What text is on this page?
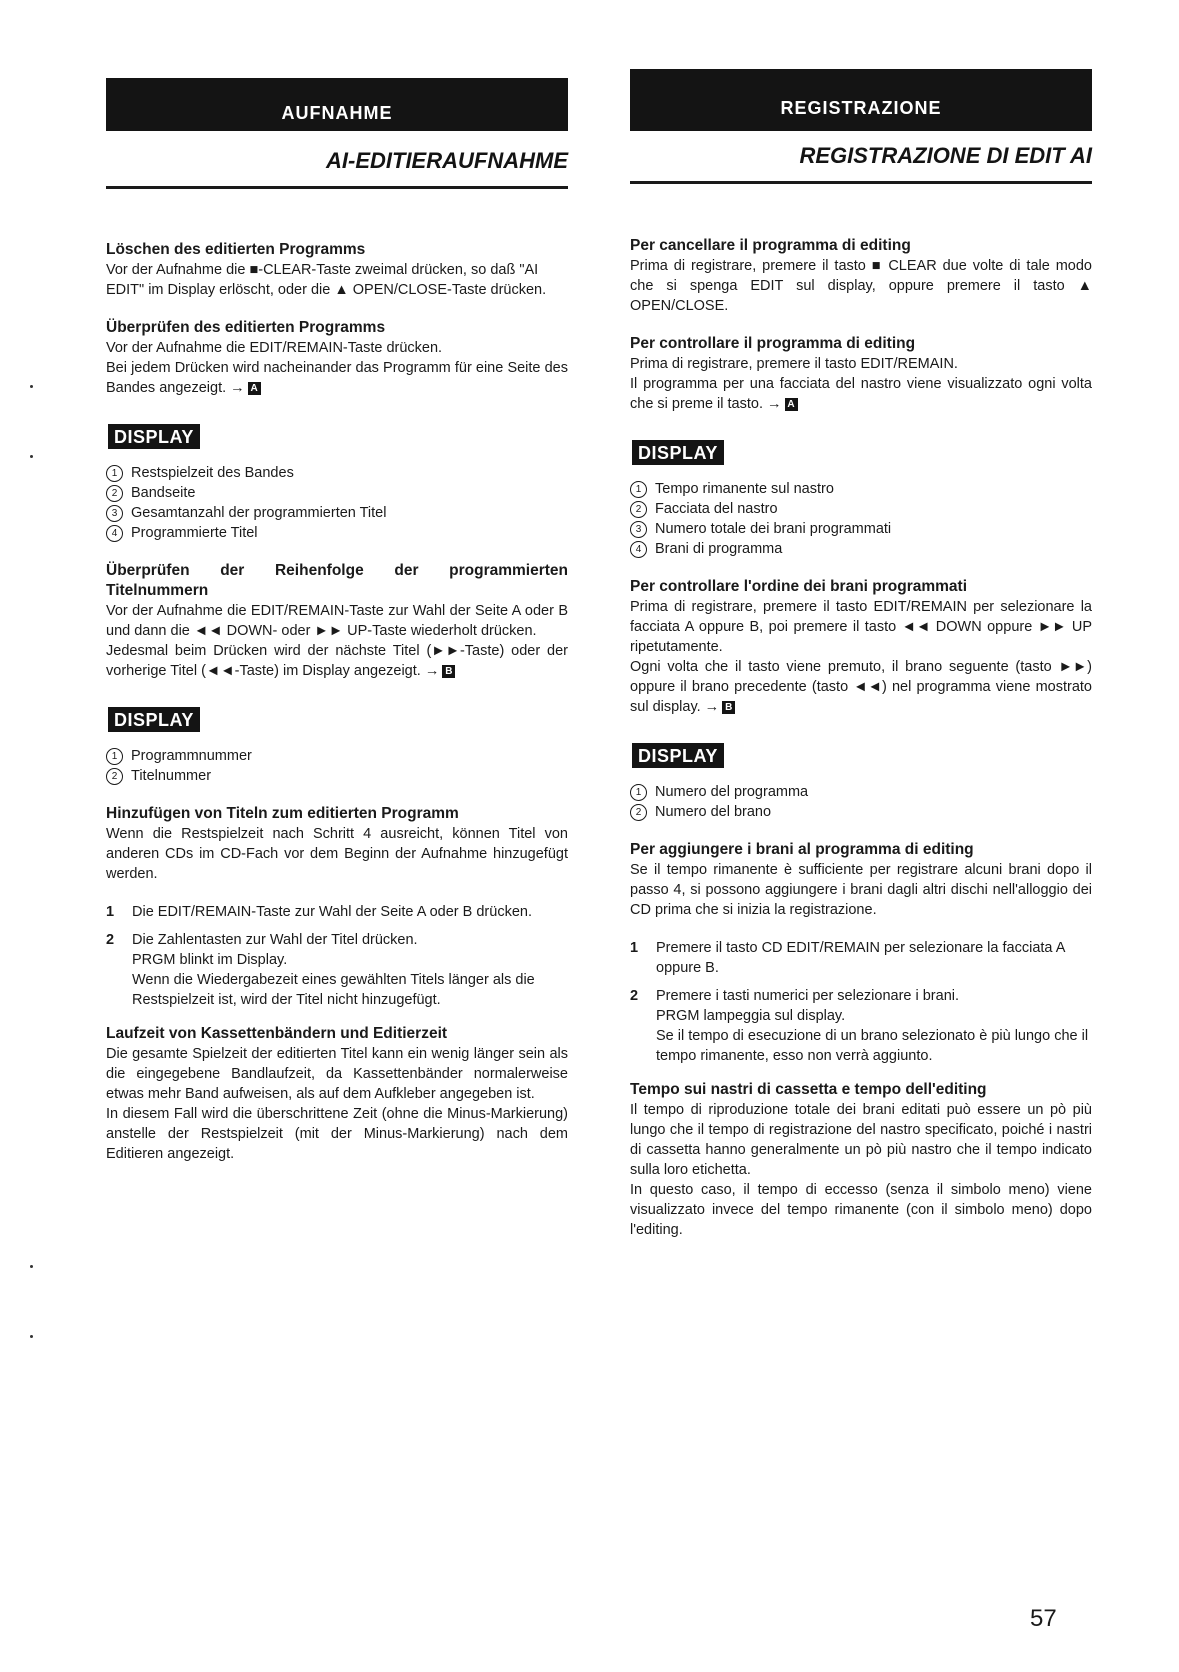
AUFNAHME
AI-EDITIERAUFNAHME

Löschen des editierten Programms

Vor der Aufnahme die ■-CLEAR-Taste zweimal drücken, so daß "AI EDIT" im Display erlöscht, oder die ▲ OPEN/CLOSE-Taste drücken.

Überprüfen des editierten Programms

Vor der Aufnahme die EDIT/REMAIN-Taste drücken.

Bei jedem Drücken wird nacheinander das Programm für eine Seite des Bandes angezeigt. → A

DISPLAY
1 Restspielzeit des Bandes
2 Bandseite
3 Gesamtanzahl der programmierten Titel
4 Programmierte Titel

Überprüfen der Reihenfolge der programmierten Titelnummern

Vor der Aufnahme die EDIT/REMAIN-Taste zur Wahl der Seite A oder B und dann die ◄◄ DOWN- oder ►► UP-Taste wiederholt drücken.

Jedesmal beim Drücken wird der nächste Titel (►►-Taste) oder der vorherige Titel (◄◄-Taste) im Display angezeigt. → B

DISPLAY
1 Programmnummer
2 Titelnummer

Hinzufügen von Titeln zum editierten Programm

Wenn die Restspielzeit nach Schritt 4 ausreicht, können Titel von anderen CDs im CD-Fach vor dem Beginn der Aufnahme hinzugefügt werden.

1 Die EDIT/REMAIN-Taste zur Wahl der Seite A oder B drücken.
2 Die Zahlentasten zur Wahl der Titel drücken.
PRGM blinkt im Display.
Wenn die Wiedergabezeit eines gewählten Titels länger als die Restspielzeit ist, wird der Titel nicht hinzugefügt.

Laufzeit von Kassettenbändern und Editierzeit

Die gesamte Spielzeit der editierten Titel kann ein wenig länger sein als die eingegebene Bandlaufzeit, da Kassettenbänder normalerweise etwas mehr Band aufweisen, als auf dem Aufkleber angegeben ist.

In diesem Fall wird die überschrittene Zeit (ohne die Minus-Markierung) anstelle der Restspielzeit (mit der Minus-Markierung) nach dem Editieren angezeigt.

REGISTRAZIONE
REGISTRAZIONE DI EDIT AI

Per cancellare il programma di editing

Prima di registrare, premere il tasto ■ CLEAR due volte di tale modo che si spenga EDIT sul display, oppure premere il tasto ▲ OPEN/CLOSE.

Per controllare il programma di editing

Prima di registrare, premere il tasto EDIT/REMAIN.

Il programma per una facciata del nastro viene visualizzato ogni volta che si preme il tasto. → A

DISPLAY
1 Tempo rimanente sul nastro
2 Facciata del nastro
3 Numero totale dei brani programmati
4 Brani di programma

Per controllare l'ordine dei brani programmati

Prima di registrare, premere il tasto EDIT/REMAIN per selezionare la facciata A oppure B, poi premere il tasto ◄◄ DOWN oppure ►► UP ripetutamente.

Ogni volta che il tasto viene premuto, il brano seguente (tasto ►►) oppure il brano precedente (tasto ◄◄) nel programma viene mostrato sul display. → B

DISPLAY
1 Numero del programma
2 Numero del brano

Per aggiungere i brani al programma di editing

Se il tempo rimanente è sufficiente per registrare alcuni brani dopo il passo 4, si possono aggiungere i brani dagli altri dischi nell'alloggio dei CD prima che si inizia la registrazione.

1 Premere il tasto CD EDIT/REMAIN per selezionare la facciata A oppure B.
2 Premere i tasti numerici per selezionare i brani.
PRGM lampeggia sul display.
Se il tempo di esecuzione di un brano selezionato è più lungo che il tempo rimanente, esso non verrà aggiunto.

Tempo sui nastri di cassetta e tempo dell'editing

Il tempo di riproduzione totale dei brani editati può essere un pò più lungo che il tempo di registrazione del nastro specificato, poiché i nastri di cassetta hanno generalmente un pò più nastro che il tempo indicato sulla loro etichetta.

In questo caso, il tempo di eccesso (senza il simbolo meno) viene visualizzato invece del tempo rimanente (con il simbolo meno) dopo l'editing.

57
